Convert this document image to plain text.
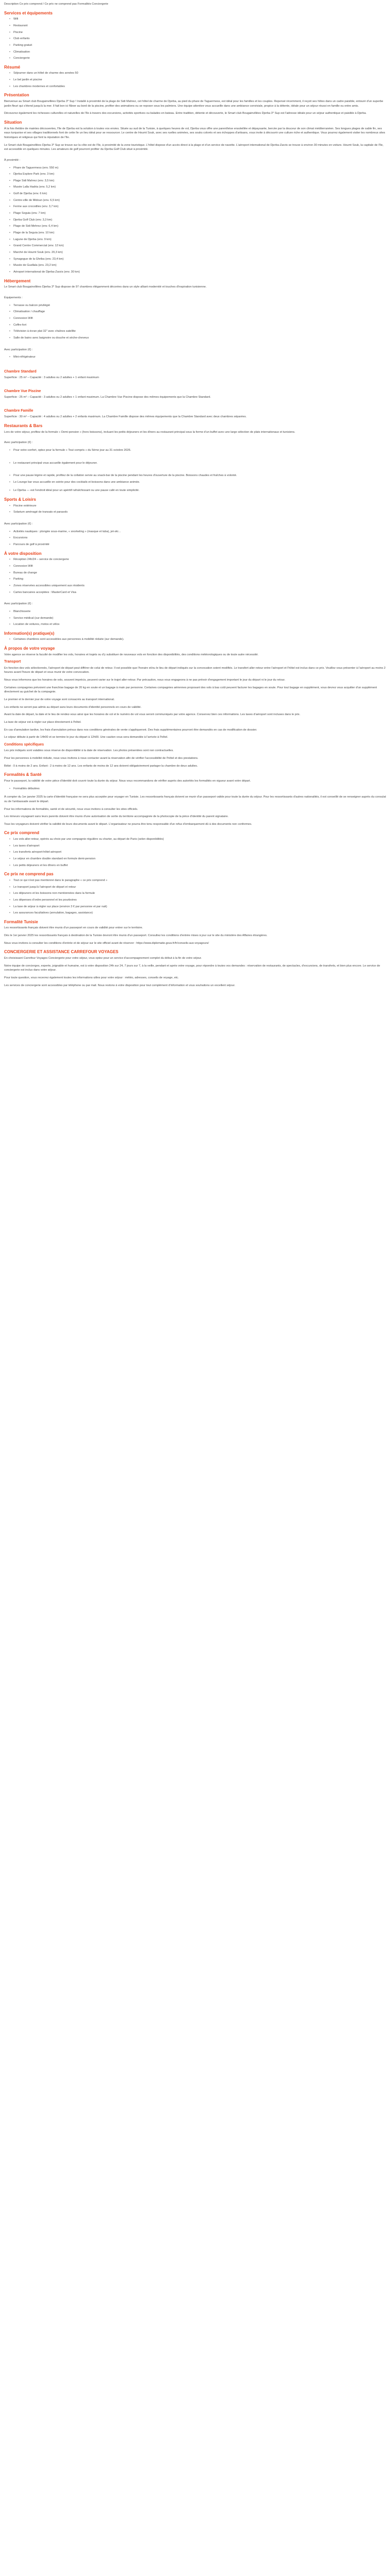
Description Ce prix comprend / Ce prix ne comprend pas Formalités Conciergerie

Services et équipements
• Wifi
• Restaurant
• Piscine
• Club enfants
• Parking gratuit
• Climatisation
• Conciergerie
Résumé
• Séjourner dans un hôtel de charme des années 50
• Le bel jardin et piscine
• Les chambres modernes et confortables
Présentation

Bienvenue au Smart club Bougainvillées Djerba 3* Sup ! Installé à proximité de la plage de Sidi Mahrez, cet hôtel de charme de Djerba, au pied du phare de Taguermess, est idéal pour les familles et les couples. Repensé récemment, il reçoit ses hôtes dans un cadre paisible, entouré d'un superbe jardin fleuri qui s'étend jusqu'à la mer. Il fait bon ici flâner au bord de la piscine, profiter des animations ou se reposer sous les palmiers. Une équipe attentive vous accueille dans une ambiance conviviale, propice à la détente, idéale pour un séjour réussi en famille ou entre amis.

Découvrez également les richesses culturelles et naturelles de l'île à travers des excursions, activités sportives ou balades en bateau. Entre tradition, détente et découverte, le Smart club Bougainvillées Djerba 3* Sup est l'adresse idéale pour un séjour authentique et paisible à Djerba.

Situation

À la fois théâtre de maintes découvertes, l'île de Djerba est la solution à toutes vos envies. Située au sud de la Tunisie, à quelques heures de vol, Djerba vous offre une parenthèse ensoleillée et dépaysante, bercée par la douceur de son climat méditerranéen. Ses longues plages de sable fin, ses eaux turquoise et ses villages traditionnels font de cette île un lieu idéal pour se ressourcer. Le centre de Houmt Souk, avec ses ruelles animées, ses souks colorés et ses échoppes d'artisans, vous invite à découvrir une culture riche et authentique. Vous pourrez également visiter les nombreux sites historiques et religieux qui font la réputation de l'île.

Le Smart club Bougainvillées Djerba 3* Sup se trouve sur la côte est de l'île, à proximité de la zone touristique. L'hôtel dispose d'un accès direct à la plage et d'un service de navette. L'aéroport international de Djerba-Zarzis se trouve à environ 30 minutes en voiture. Houmt Souk, la capitale de l'île, est accessible en quelques minutes. Les amateurs de golf pourront profiter du Djerba Golf Club situé à proximité.

À proximité :

• Phare de Taguermess (env. 550 m)
• Djerba Explore Park (env. 3 km)
• Plage Sidi Mahrez (env. 3,5 km)
• Musée Lalla Hadria (env. 5,2 km)
• Golf de Djerba (env. 6 km)
• Centre-ville de Midoun (env. 6,5 km)
• Ferme aux crocodiles (env. 3,7 km)
• Plage Seguia (env. 7 km)
• Djerba Golf Club (env. 3,3 km)
• Plage de Sidi Mehrez (env. 6,4 km)
• Plage de la Seguia (env. 10 km)
• Lagune de Djerba (env. 9 km)
• Grand Centre Commercial (env. 12 km)
• Marché de Houmt Souk (env. 20,3 km)
• Synagogue de la Ghriba (env. 23,4 km)
• Musée de Guellala (env. 23,2 km)
• Aéroport international de Djerba-Zarzis (env. 30 km)
Hébergement

Le Smart club Bougainvillées Djerba 3* Sup dispose de 97 chambres élégamment décorées dans un style alliant modernité et touches d'inspiration tunisienne.

Équipements :

• Terrasse ou balcon privilégié
• Climatisation / chauffage
• Connexion Wifi
• Coffre-fort
• Télévision à écran plat 32" avec chaînes satellite
• Salle de bains avec baignoire ou douche et sèche-cheveux

Avec participation (€) :

• Mini-réfrigérateur
Chambre Standard

Superficie : 25 m² – Capacité : 3 adultes ou 2 adultes + 1 enfant maximum

Chambre Vue Piscine

Superficie : 25 m² – Capacité : 3 adultes ou 2 adultes + 1 enfant maximum. La Chambre Vue Piscine dispose des mêmes équipements que la Chambre Standard.

Chambre Famille

Superficie : 30 m² – Capacité : 4 adultes ou 2 adultes + 2 enfants maximum. La Chambre Famille dispose des mêmes équipements que la Chambre Standard avec deux chambres séparées.

Restaurants & Bars

Lors de votre séjour, profitez de la formule « Demi-pension » (hors boissons), incluant les petits déjeuners et les dîners au restaurant principal sous la forme d'un buffet avec une large sélection de plats internationaux et tunisiens.

Avec participation (€) :

• Pour votre confort, optez pour la formule « Tout compris » du 5ème jour au 31 octobre 2026.
• Le restaurant principal vous accueille également pour le déjeuner.
• Pour une pause légère et rapide, profitez de la collation servie au snack-bar de la piscine pendant les heures d'ouverture de la piscine. Boissons chaudes et fraîches à volonté.
• Le Lounge bar vous accueille en soirée pour des cocktails et boissons dans une ambiance animée.
• Le Djerba — est l'endroit idéal pour un apéritif rafraîchissant ou une pause café en toute simplicité.
Sports & Loisirs
• Piscine extérieure
• Solarium aménagé de transats et parasols

Avec participation (€) :

• Activités nautiques : plongée sous-marine, « snorkeling » (masque et tuba), jet-ski…
• Excursions
• Parcours de golf à proximité
À votre disposition
• Réception 24h/24 – service de conciergerie
• Connexion Wifi
• Bureau de change
• Parking
• Zones réservées accessibles uniquement aux résidents
• Cartes bancaires acceptées : MasterCard et Visa

Avec participation (€) :

• Blanchisserie
• Service médical (sur demande)
• Location de voitures, motos et vélos
Information(s) pratique(s)
• Certaines chambres sont accessibles aux personnes à mobilité réduite (sur demande).
À propos de votre voyage

Votre agence se réserve la faculté de modifier les vols, horaires et trajets ou d'y substituer de nouveaux vols en fonction des disponibilités, des conditions météorologiques ou de toute autre nécessité.

Transport

En fonction des vols sélectionnés, l'aéroport de départ peut différer de celui de retour. Il est possible que l'horaire et/ou le lieu de départ indiqués sur la convocation soient modifiés. Le transfert aller-retour entre l'aéroport et l'hôtel est inclus dans ce prix. Veuillez vous présenter à l'aéroport au moins 2 heures avant l'heure de départ et vous munir de votre convocation.

Nous vous informons que les horaires de vols, souvent imprécis, peuvent varier sur le trajet aller-retour. Par précaution, nous vous engageons à ne pas prévoir d'engagement important le jour du départ ni le jour du retour.

Certaines compagnies prévoient une franchise bagage de 20 kg en soute et un bagage à main par personne. Certaines compagnies aériennes proposant des vols à bas coût peuvent facturer les bagages en soute. Pour tout bagage en supplément, vous devrez vous acquitter d'un supplément directement au guichet de la compagnie.

Le premier et le dernier jour de votre voyage sont consacrés au transport international.

Les enfants ne seront pas admis au départ sans leurs documents d'identité personnels en cours de validité.

Avant la date de départ, la date et le lieu de rendez-vous ainsi que les horaires de vol et le numéro de vol vous seront communiqués par votre agence. Conservez bien ces informations. Les taxes d'aéroport sont incluses dans le prix.

La taxe de séjour est à régler sur place directement à l'hôtel.

En cas d'annulation tardive, les frais d'annulation prévus dans nos conditions générales de vente s'appliqueront. Des frais supplémentaires pourront être demandés en cas de modification de dossier.

Le séjour débute à partir de 14h00 et se termine le jour du départ à 12h00. Une caution vous sera demandée à l'arrivée à l'hôtel.

Conditions spécifiques

Les prix indiqués sont valables sous réserve de disponibilité à la date de réservation. Les photos présentées sont non contractuelles.

Pour les personnes à mobilité réduite, nous vous invitons à nous contacter avant la réservation afin de vérifier l'accessibilité de l'hôtel et des prestations.

Bébé : 0 à moins de 2 ans. Enfant : 2 à moins de 12 ans. Les enfants de moins de 12 ans doivent obligatoirement partager la chambre de deux adultes.

Formalités & Santé

Pour le passeport, la validité de votre pièce d'identité doit couvrir toute la durée du séjour. Nous vous recommandons de vérifier auprès des autorités les formalités en vigueur avant votre départ.

• Formalités débutées

À compter du 1er janvier 2025 la carte d'identité française ne sera plus acceptée pour voyager en Tunisie. Les ressortissants français doivent se munir d'un passeport valide pour toute la durée du séjour. Pour les ressortissants d'autres nationalités, il est conseillé de se renseigner auprès du consulat ou de l'ambassade avant le départ.

Pour les informations de formalités, santé et de sécurité, nous vous invitons à consulter les sites officiels.

Les mineurs voyageant sans leurs parents doivent être munis d'une autorisation de sortie du territoire accompagnée de la photocopie de la pièce d'identité du parent signataire.

Tous les voyageurs doivent vérifier la validité de leurs documents avant le départ. L'organisateur ne pourra être tenu responsable d'un refus d'embarquement dû à des documents non conformes.

Ce prix comprend
• Les vols aller-retour, opérés au choix par une compagnie régulière ou charter, au départ de Paris (selon disponibilités)
• Les taxes d'aéroport
• Les transferts aéroport-hôtel-aéroport
• Le séjour en chambre double standard en formule demi-pension
• Les petits déjeuners et les dîners en buffet
Ce prix ne comprend pas
• Tout ce qui n'est pas mentionné dans le paragraphe « ce prix comprend »
• Le transport jusqu'à l'aéroport de départ et retour
• Les déjeuners et les boissons non mentionnées dans la formule
• Les dépenses d'ordre personnel et les pourboires
• La taxe de séjour à régler sur place (environ 3 € par personne et par nuit)
• Les assurances facultatives (annulation, bagages, assistance)
Formalité Tunisie

Les ressortissants français doivent être munis d'un passeport en cours de validité pour entrer sur le territoire.

Dès le 1er janvier 2025 les ressortissants français à destination de la Tunisie devront être munis d'un passeport. Consultez les conditions d'entrée mises à jour sur le site du ministère des Affaires étrangères.

Nous vous invitons à consulter les conditions d'entrée et de séjour sur le site officiel avant de réserver : https://www.diplomatie.gouv.fr/fr/conseils-aux-voyageurs/

CONCIERGERIE ET ASSISTANCE CARREFOUR VOYAGES

En choisissant Carrefour Voyages Conciergerie pour votre séjour, vous optez pour un service d'accompagnement complet du début à la fin de votre séjour.

Notre équipe de concierges, experte, joignable et humaine, est à votre disposition 24h sur 24, 7 jours sur 7, à la veille, pendant et après votre voyage, pour répondre à toutes vos demandes : réservation de restaurants, de spectacles, d'excursions, de transferts, et bien plus encore. Le service de conciergerie est inclus dans votre séjour.

Pour toute question, vous recevrez également toutes les informations utiles pour votre séjour : météo, adresses, conseils de voyage, etc.

Les services de conciergerie sont accessibles par téléphone ou par mail. Nous restons à votre disposition pour tout complément d'information et vous souhaitons un excellent séjour.
